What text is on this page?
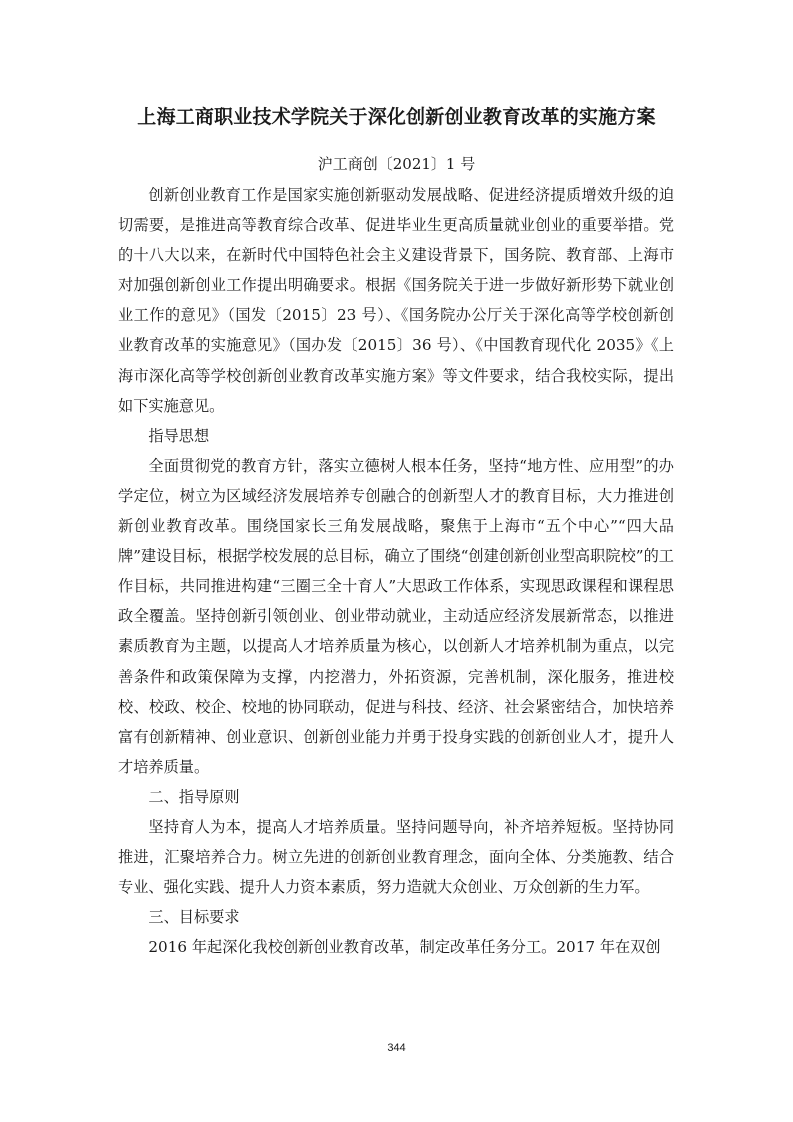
上海工商职业技术学院关于深化创新创业教育改革的实施方案
沪工商创〔2021〕1 号

创新创业教育工作是国家实施创新驱动发展战略、促进经济提质增效升级的迫切需要，是推进高等教育综合改革、促进毕业生更高质量就业创业的重要举措。党的十八大以来，在新时代中国特色社会主义建设背景下，国务院、教育部、上海市对加强创新创业工作提出明确要求。根据《国务院关于进一步做好新形势下就业创业工作的意见》（国发〔2015〕23 号）、《国务院办公厅关于深化高等学校创新创业教育改革的实施意见》（国办发〔2015〕36 号）、《中国教育现代化 2035》《上海市深化高等学校创新创业教育改革实施方案》等文件要求，结合我校实际，提出如下实施意见。

指导思想

全面贯彻党的教育方针，落实立德树人根本任务，坚持“地方性、应用型”的办学定位，树立为区域经济发展培养专创融合的创新型人才的教育目标，大力推进创新创业教育改革。围绕国家长三角发展战略，聚焦于上海市“五个中心”“四大品牌”建设目标，根据学校发展的总目标，确立了围绕“创建创新创业型高职院校”的工作目标，共同推进构建“三圈三全十育人”大思政工作体系，实现思政课程和课程思政全覆盖。坚持创新引领创业、创业带动就业，主动适应经济发展新常态，以推进素质教育为主题，以提高人才培养质量为核心，以创新人才培养机制为重点，以完善条件和政策保障为支撑，内挖潜力，外拓资源，完善机制，深化服务，推进校校、校政、校企、校地的协同联动，促进与科技、经济、社会紧密结合，加快培养富有创新精神、创业意识、创新创业能力并勇于投身实践的创新创业人才，提升人才培养质量。

二、指导原则

坚持育人为本，提高人才培养质量。坚持问题导向，补齐培养短板。坚持协同推进，汇聚培养合力。树立先进的创新创业教育理念，面向全体、分类施教、结合专业、强化实践、提升人力资本素质，努力造就大众创业、万众创新的生力军。

三、目标要求

2016 年起深化我校创新创业教育改革，制定改革任务分工。2017 年在双创

344
